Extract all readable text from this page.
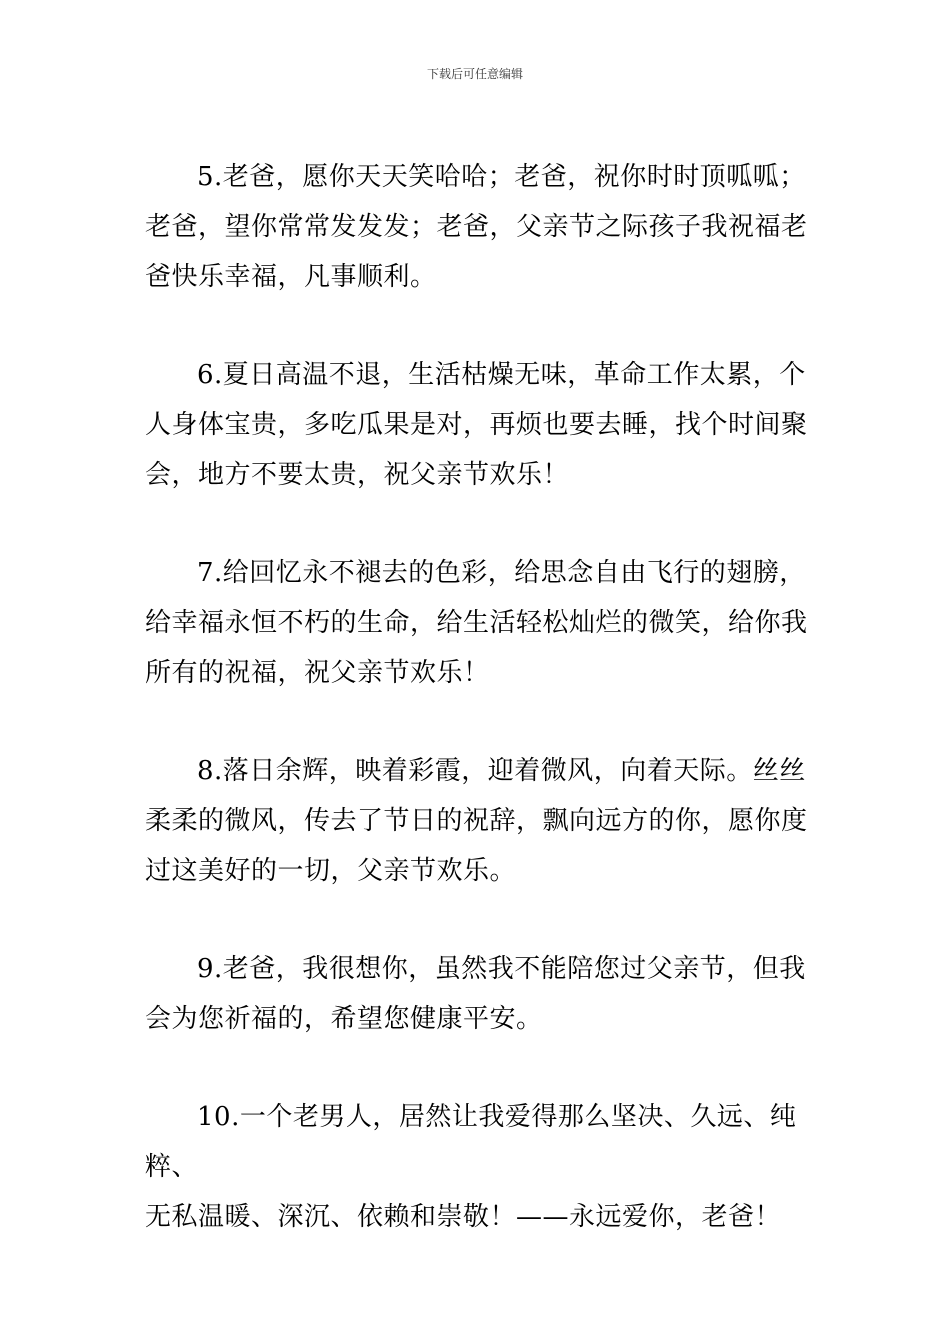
下载后可任意编辑

5.老爸，愿你天天笑哈哈；老爸，祝你时时顶呱呱；
老爸，望你常常发发发；老爸，父亲节之际孩子我祝福老
爸快乐幸福，凡事顺利。

6.夏日高温不退，生活枯燥无味，革命工作太累，个
人身体宝贵，多吃瓜果是对，再烦也要去睡，找个时间聚
会，地方不要太贵，祝父亲节欢乐！

7.给回忆永不褪去的色彩，给思念自由飞行的翅膀，
给幸福永恒不朽的生命，给生活轻松灿烂的微笑，给你我
所有的祝福，祝父亲节欢乐！

8.落日余辉，映着彩霞，迎着微风，向着天际。丝丝
柔柔的微风，传去了节日的祝辞，飘向远方的你，愿你度
过这美好的一切，父亲节欢乐。

9.老爸，我很想你，虽然我不能陪您过父亲节，但我
会为您祈福的，希望您健康平安。

10.一个老男人，居然让我爱得那么坚决、久远、纯粹、
无私温暖、深沉、依赖和崇敬！——永远爱你，老爸！
